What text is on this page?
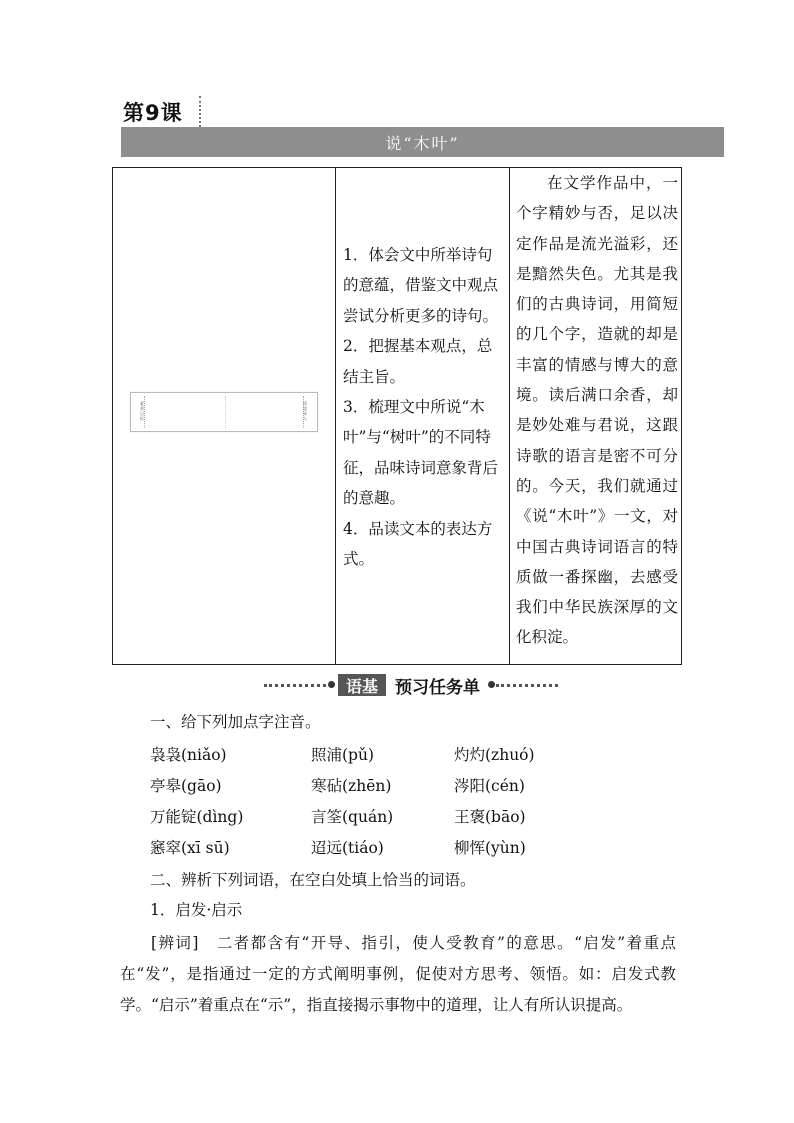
第9课
说“木叶”
素养目标
情境导入

1．体会文中所举诗句的意蕴，借鉴文中观点尝试分析更多的诗句。

2．把握基本观点，总结主旨。

3．梳理文中所说“木叶”与“树叶”的不同特征，品味诗词意象背后的意趣。

4．品读文本的表达方式。

在文学作品中，一个字精妙与否，足以决定作品是流光溢彩，还是黯然失色。尤其是我们的古典诗词，用简短的几个字，造就的却是丰富的情感与博大的意境。读后满口余香，却是妙处难与君说，这跟诗歌的语言是密不可分的。今天，我们就通过《说“木叶”》一文，对中国古典诗词语言的特质做一番探幽，去感受我们中华民族深厚的文化积淀。

语基	预习任务单
一、给下列加点字注音。
袅袅(niǎo)	照浦(pǔ)	灼灼(zhuó)
亭皋(gāo)	寒砧(zhēn)	涔阳(cén)
万能锭(dìng)	言筌(quán)	王褒(bāo)
窸窣(xī sū)	迢远(tiáo)	柳恽(yùn)
二、辨析下列词语，在空白处填上恰当的词语。
1．启发·启示

[辨词]　二者都含有“开导、指引，使人受教育”的意思。“启发”着重点在“发”，是指通过一定的方式阐明事例，促使对方思考、领悟。如：启发式教学。“启示”着重点在“示”，指直接揭示事物中的道理，让人有所认识提高。
